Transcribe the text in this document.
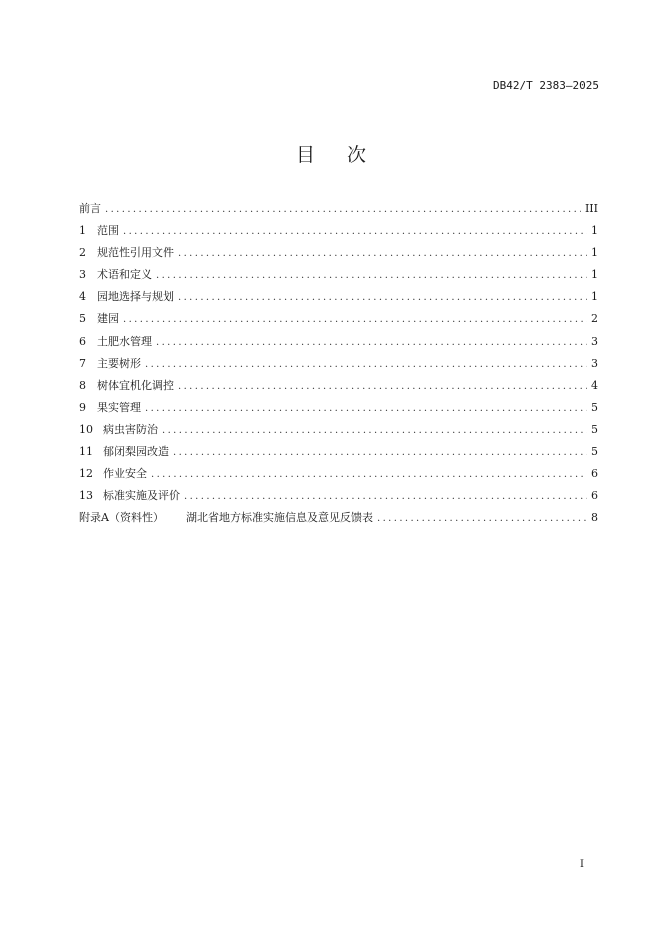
DB42/T 2383—2025
目 次
前言 .....	III
1	范围 .....	1
2	规范性引用文件 .....	1
3	术语和定义 .....	1
4	园地选择与规划 .....	1
5	建园 .....	2
6	土肥水管理 .....	3
7	主要树形 .....	3
8	树体宜机化调控 .....	4
9	果实管理 .....	5
10 病虫害防治 .....	5
11 郁闭梨园改造 .....	5
12 作业安全 .....	6
13 标准实施及评价 .....	6
附录A（资料性）	湖北省地方标准实施信息及意见反馈表 .....	8
I
